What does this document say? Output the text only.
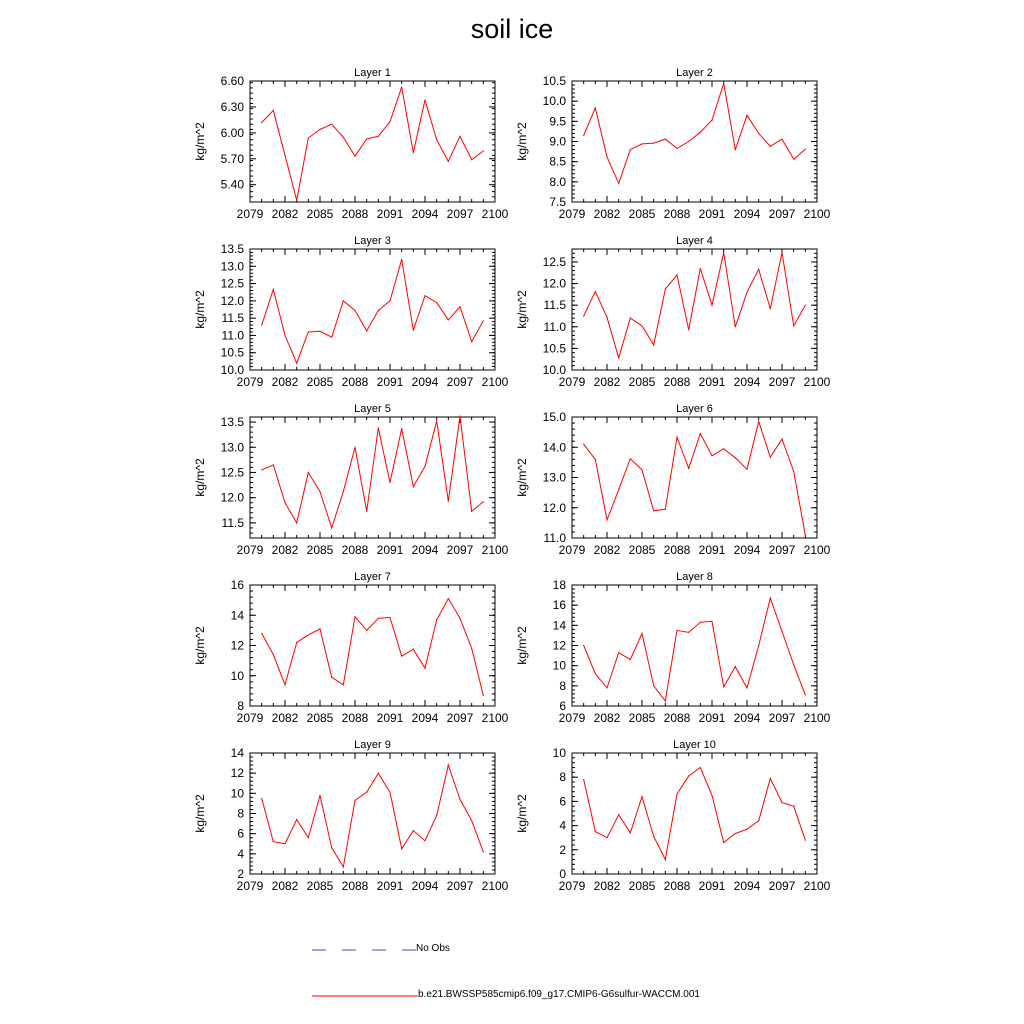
soil ice
Layer 1
kg/m^2
2079 2082 2085 2088 2091 2094 2097 2100
5.40
5.70
6.00
6.30
6.60
Layer 2
kg/m^2
2079 2082 2085 2088 2091 2094 2097 2100
7.5
8.0
8.5
9.0
9.5
10.0
10.5
Layer 3
kg/m^2
2079 2082 2085 2088 2091 2094 2097 2100
10.0
10.5
11.0
11.5
12.0
12.5
13.0
13.5
Layer 4
kg/m^2
2079 2082 2085 2088 2091 2094 2097 2100
10.0
10.5
11.0
11.5
12.0
12.5
Layer 5
kg/m^2
2079 2082 2085 2088 2091 2094 2097 2100
11.5
12.0
12.5
13.0
13.5
Layer 6
kg/m^2
2079 2082 2085 2088 2091 2094 2097 2100
11.0
12.0
13.0
14.0
15.0
Layer 7
kg/m^2
2079 2082 2085 2088 2091 2094 2097 2100
8
10
12
14
16
Layer 8
kg/m^2
2079 2082 2085 2088 2091 2094 2097 2100
6
8
10
12
14
16
18
Layer 9
kg/m^2
2079 2082 2085 2088 2091 2094 2097 2100
2
4
6
8
10
12
14
Layer 10
kg/m^2
2079 2082 2085 2088 2091 2094 2097 2100
0
2
4
6
8
10
No Obs
b.e21.BWSSP585cmip6.f09_g17.CMIP6-G6sulfur-WACCM.001
